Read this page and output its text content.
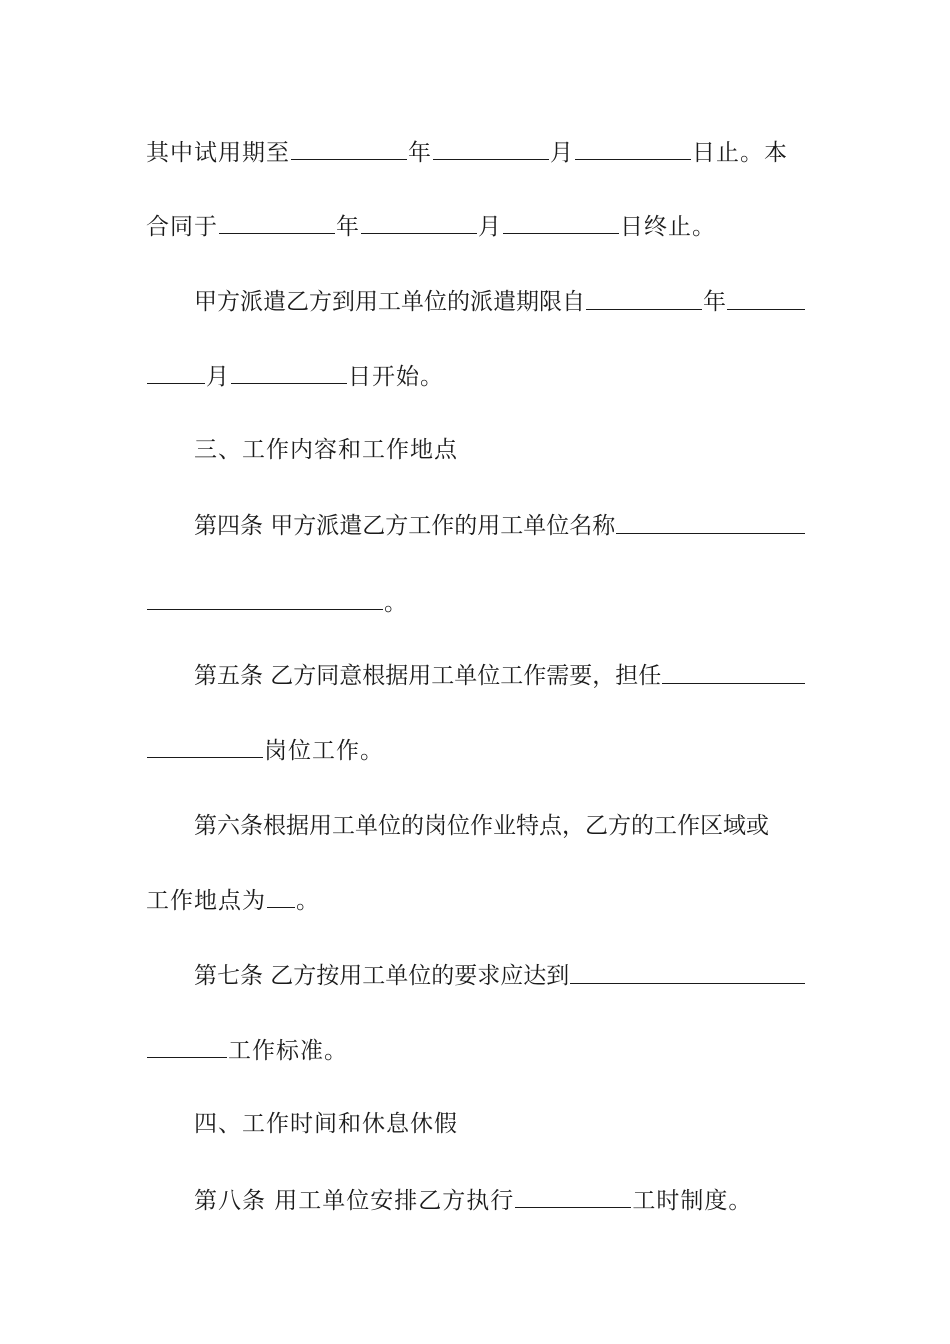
其中试用期至	年	月	日止。本
合同于	年	月	日终止。
甲方派遣乙方到用工单位的派遣期限自	年
月	日开始。
三、工作内容和工作地点
第四条 甲方派遣乙方工作的用工单位名称
。
第五条 乙方同意根据用工单位工作需要，担任
岗位工作。
第六条根据用工单位的岗位作业特点，乙方的工作区域或
工作地点为 。
第七条 乙方按用工单位的要求应达到
工作标准。
四、工作时间和休息休假
第八条 用工单位安排乙方执行	工时制度。
